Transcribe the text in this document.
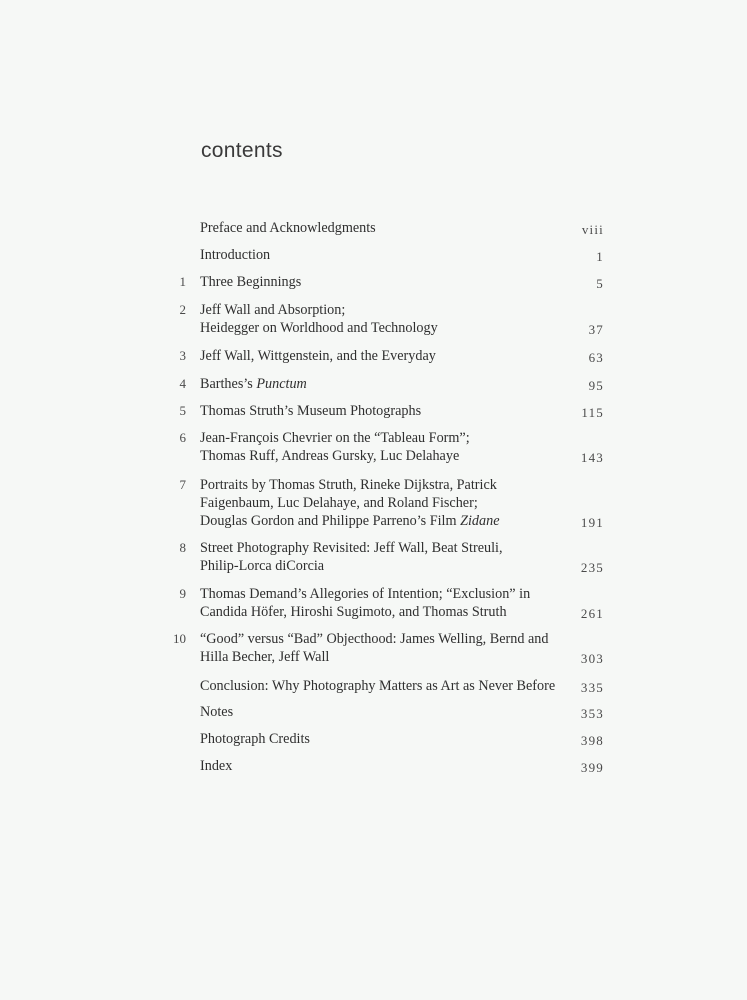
contents
Preface and Acknowledgments	viii
Introduction	1
1 Three Beginnings	5
2 Jeff Wall and Absorption;
Heidegger on Worldhood and Technology	37
3 Jeff Wall, Wittgenstein, and the Everyday	63
4 Barthes’s Punctum	95
5 Thomas Struth’s Museum Photographs	115
6 Jean-François Chevrier on the “Tableau Form”;
Thomas Ruff, Andreas Gursky, Luc Delahaye	143
7 Portraits by Thomas Struth, Rineke Dijkstra, Patrick
Faigenbaum, Luc Delahaye, and Roland Fischer;
Douglas Gordon and Philippe Parreno’s Film Zidane	191
8 Street Photography Revisited: Jeff Wall, Beat Streuli,
Philip-Lorca diCorcia	235
9 Thomas Demand’s Allegories of Intention; “Exclusion” in
Candida Höfer, Hiroshi Sugimoto, and Thomas Struth	261
10 “Good” versus “Bad” Objecthood: James Welling, Bernd and
Hilla Becher, Jeff Wall	303
Conclusion: Why Photography Matters as Art as Never Before	335
Notes	353
Photograph Credits	398
Index	399
